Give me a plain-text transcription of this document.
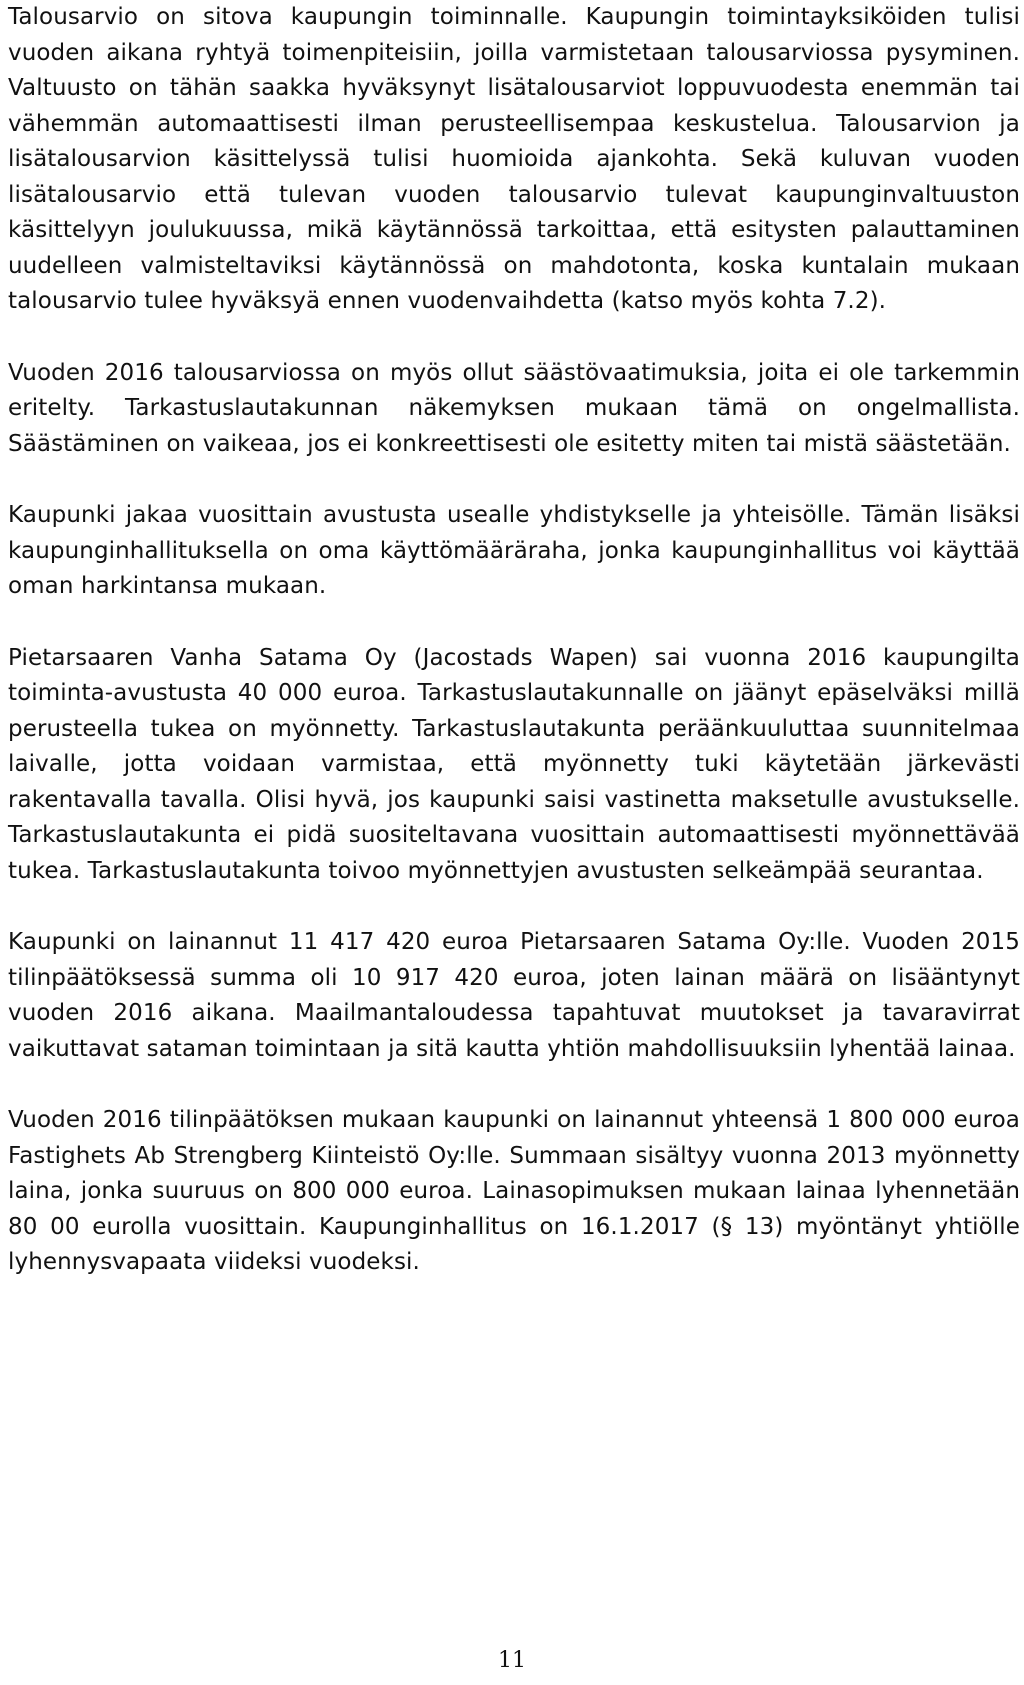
Talousarvio on sitova kaupungin toiminnalle. Kaupungin toimintayksiköiden tulisi vuoden aikana ryhtyä toimenpiteisiin, joilla varmistetaan talousarviossa pysyminen. Valtuusto on tähän saakka hyväksynyt lisätalousarviot loppuvuodesta enemmän tai vähemmän automaattisesti ilman perusteellisempaa keskustelua. Talousarvion ja lisätalousarvion käsittelyssä tulisi huomioida ajankohta. Sekä kuluvan vuoden lisätalousarvio että tulevan vuoden talousarvio tulevat kaupunginvaltuuston käsittelyyn joulukuussa, mikä käytännössä tarkoittaa, että esitysten palauttaminen uudelleen valmisteltaviksi käytännössä on mahdotonta, koska kuntalain mukaan talousarvio tulee hyväksyä ennen vuodenvaihdetta (katso myös kohta 7.2).

Vuoden 2016 talousarviossa on myös ollut säästövaatimuksia, joita ei ole tarkemmin eritelty. Tarkastuslautakunnan näkemyksen mukaan tämä on ongelmallista. Säästäminen on vaikeaa, jos ei konkreettisesti ole esitetty miten tai mistä säästetään.

Kaupunki jakaa vuosittain avustusta usealle yhdistykselle ja yhteisölle. Tämän lisäksi kaupunginhallituksella on oma käyttömääräraha, jonka kaupunginhallitus voi käyttää oman harkintansa mukaan.

Pietarsaaren Vanha Satama Oy (Jacostads Wapen) sai vuonna 2016 kaupungilta toiminta-avustusta 40 000 euroa. Tarkastuslautakunnalle on jäänyt epäselväksi millä perusteella tukea on myönnetty. Tarkastuslautakunta peräänkuuluttaa suunnitelmaa laivalle, jotta voidaan varmistaa, että myönnetty tuki käytetään järkevästi rakentavalla tavalla. Olisi hyvä, jos kaupunki saisi vastinetta maksetulle avustukselle. Tarkastuslautakunta ei pidä suositeltavana vuosittain automaattisesti myönnettävää tukea. Tarkastuslautakunta toivoo myönnettyjen avustusten selkeämpää seurantaa.

Kaupunki on lainannut 11 417 420 euroa Pietarsaaren Satama Oy:lle. Vuoden 2015 tilinpäätöksessä summa oli 10 917 420 euroa, joten lainan määrä on lisääntynyt vuoden 2016 aikana. Maailmantaloudessa tapahtuvat muutokset ja tavaravirrat vaikuttavat sataman toimintaan ja sitä kautta yhtiön mahdollisuuksiin lyhentää lainaa.

Vuoden 2016 tilinpäätöksen mukaan kaupunki on lainannut yhteensä 1 800 000 euroa Fastighets Ab Strengberg Kiinteistö Oy:lle. Summaan sisältyy vuonna 2013 myönnetty laina, jonka suuruus on 800 000 euroa. Lainasopimuksen mukaan lainaa lyhennetään 80 00 eurolla vuosittain. Kaupunginhallitus on 16.1.2017 (§ 13) myöntänyt yhtiölle lyhennysvapaata viideksi vuodeksi.

11
